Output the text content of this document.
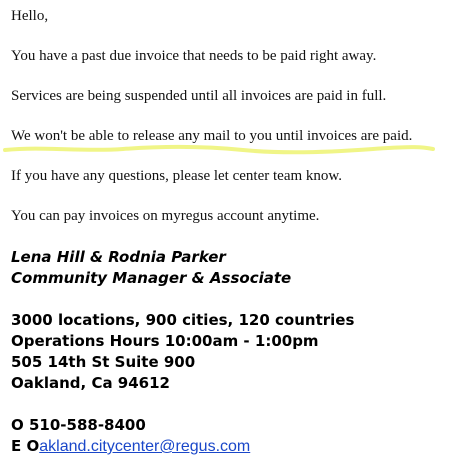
Hello,
You have a past due invoice that needs to be paid right away.
Services are being suspended until all invoices are paid in full.
We won't be able to release any mail to you until invoices are paid.
If you have any questions, please let center team know.
You can pay invoices on myregus account anytime.
Lena Hill & Rodnia Parker
Community Manager & Associate
3000 locations, 900 cities, 120 countries
Operations Hours 10:00am - 1:00pm
505 14th St Suite 900
Oakland, Ca 94612
O 510-588-8400
E Oakland.citycenter@regus.com
